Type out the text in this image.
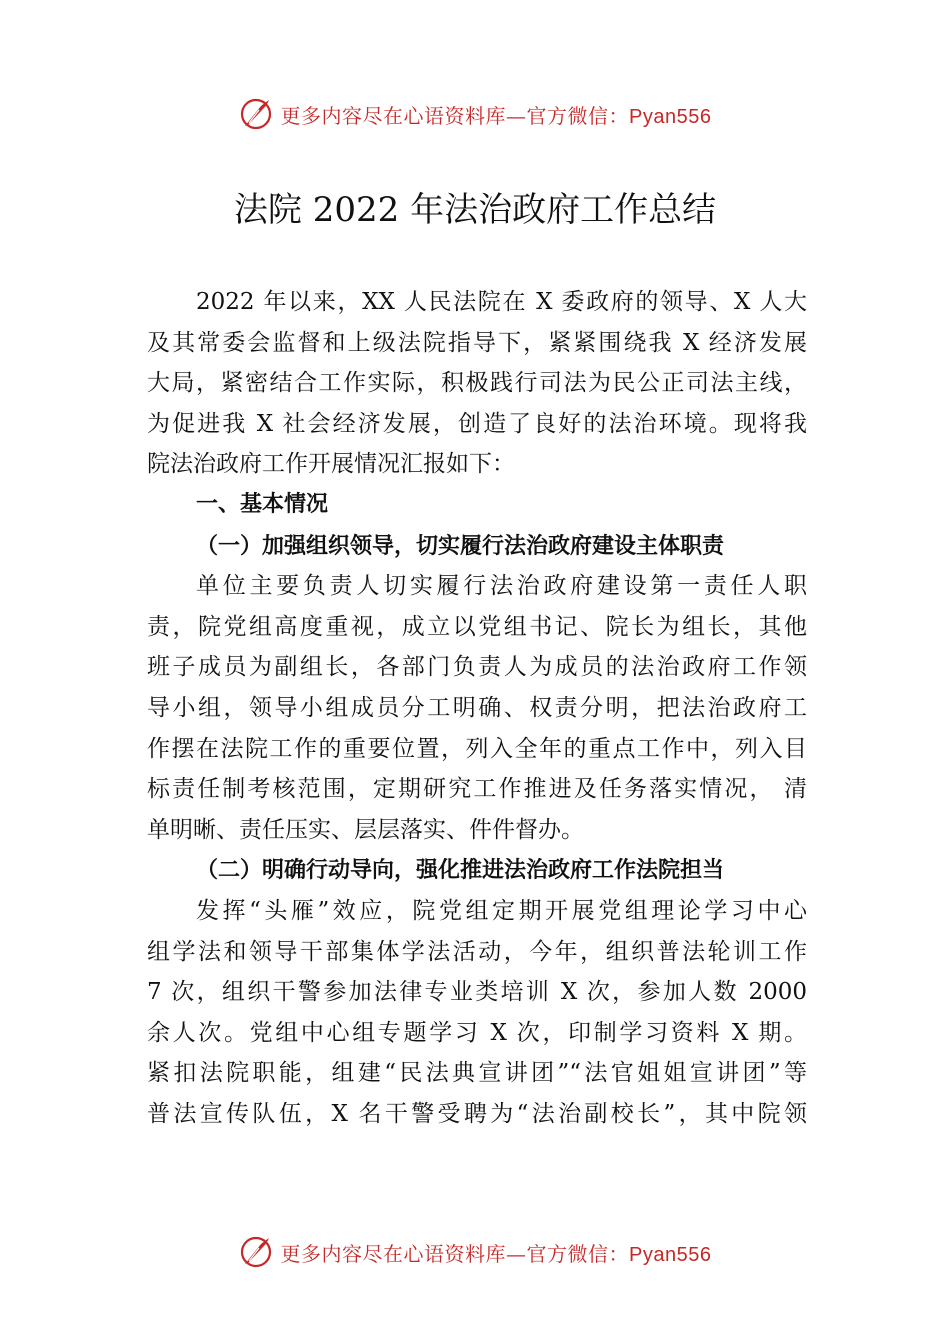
更多内容尽在心语资料库—官方微信：Pyan556
法院 2022 年法治政府工作总结
2022 年以来，XX 人民法院在 X 委政府的领导、X 人大
及其常委会监督和上级法院指导下，紧紧围绕我 X 经济发展
大局，紧密结合工作实际，积极践行司法为民公正司法主线，
为促进我 X 社会经济发展，创造了良好的法治环境。现将我
院法治政府工作开展情况汇报如下：
一、基本情况
（一）加强组织领导，切实履行法治政府建设主体职责
单位主要负责人切实履行法治政府建设第一责任人职
责，院党组高度重视，成立以党组书记、院长为组长，其他
班子成员为副组长，各部门负责人为成员的法治政府工作领
导小组，领导小组成员分工明确、权责分明，把法治政府工
作摆在法院工作的重要位置，列入全年的重点工作中，列入目
标责任制考核范围，定期研究工作推进及任务落实情况， 清
单明晰、责任压实、层层落实、件件督办。
（二）明确行动导向，强化推进法治政府工作法院担当
发挥“头雁”效应，院党组定期开展党组理论学习中心
组学法和领导干部集体学法活动，今年，组织普法轮训工作
7 次，组织干警参加法律专业类培训 X 次，参加人数 2000
余人次。党组中心组专题学习 X 次，印制学习资料 X 期。
紧扣法院职能，组建“民法典宣讲团”“法官姐姐宣讲团”等
普法宣传队伍，X 名干警受聘为“法治副校长”，其中院领
更多内容尽在心语资料库—官方微信：Pyan556
